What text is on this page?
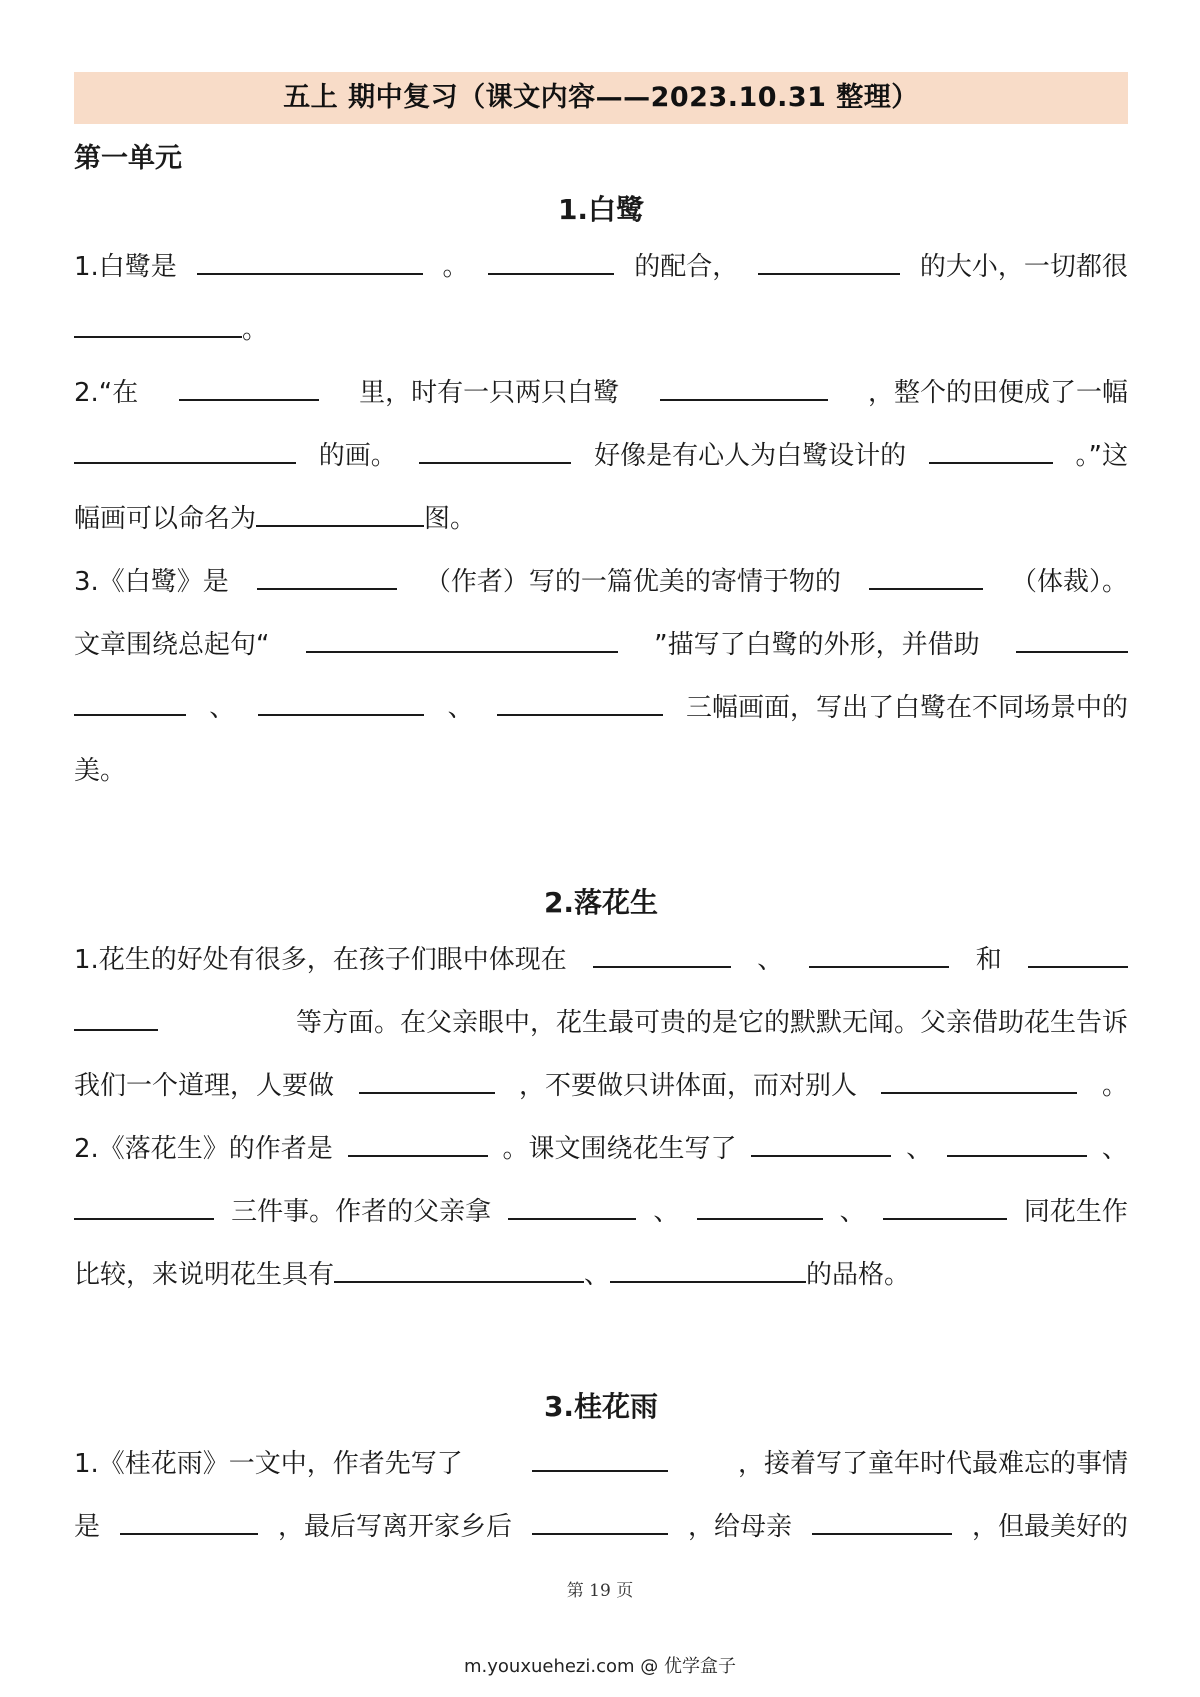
五上 期中复习（课文内容——2023.10.31 整理）
第一单元
1.白鹭
1.白鹭是	。	的配合，	的大小，一切都很
。
2.“在	里，时有一只两只白鹭	，整个的田便成了一幅
的画。	好像是有心人为白鹭设计的	。”这
幅画可以命名为	图。
3.《白鹭》是	（作者）写的一篇优美的寄情于物的	（体裁）。
文章围绕总起句“	”描写了白鹭的外形，并借助
、	、	三幅画面，写出了白鹭在不同场景中的
美。
2.落花生
1.花生的好处有很多，在孩子们眼中体现在	、	和
等方面。在父亲眼中，花生最可贵的是它的默默无闻。父亲借助花生告诉
我们一个道理，人要做	，不要做只讲体面，而对别人	。
2.《落花生》的作者是	。课文围绕花生写了	、	、
三件事。作者的父亲拿	、	、	同花生作
比较，来说明花生具有	、	的品格。
3.桂花雨
1.《桂花雨》一文中，作者先写了	，接着写了童年时代最难忘的事情
是	，最后写离开家乡后	，给母亲	，但最美好的
第 19 页
m.youxuehezi.com @ 优学盒子
